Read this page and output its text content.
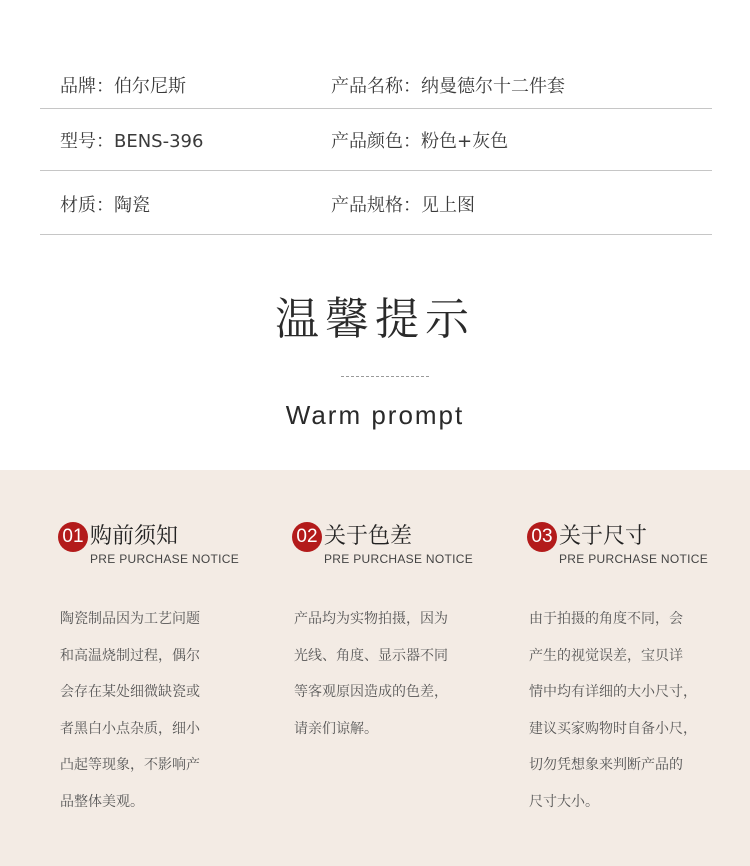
品牌：伯尔尼斯	产品名称：纳曼德尔十二件套
型号：BENS-396	产品颜色：粉色+灰色
材质：陶瓷	产品规格：见上图
温馨提示
Warm prompt
01 购前须知
PRE PURCHASE NOTICE
陶瓷制品因为工艺问题
和高温烧制过程，偶尔
会存在某处细微缺瓷或
者黑白小点杂质，细小
凸起等现象，不影响产
品整体美观。
02 关于色差
PRE PURCHASE NOTICE
产品均为实物拍摄，因为
光线、角度、显示器不同
等客观原因造成的色差，
请亲们谅解。
03 关于尺寸
PRE PURCHASE NOTICE
由于拍摄的角度不同，会
产生的视觉误差，宝贝详
情中均有详细的大小尺寸，
建议买家购物时自备小尺，
切勿凭想象来判断产品的
尺寸大小。
